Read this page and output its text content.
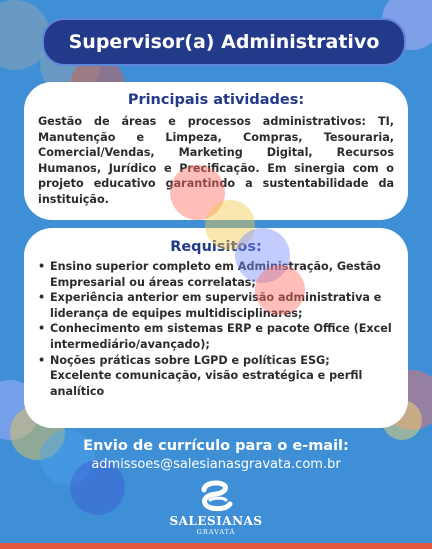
Supervisor(a) Administrativo
Principais atividades:
Gestão de áreas e processos administrativos: TI, Manutenção e Limpeza, Compras, Tesouraria, Comercial/Vendas, Marketing Digital, Recursos Humanos, Jurídico e Precificação. Em sinergia com o projeto educativo garantindo a sustentabilidade da instituição.
Requisitos:
• Ensino superior completo em Administração, Gestão Empresarial ou áreas correlatas;
• Experiência anterior em supervisão administrativa e liderança de equipes multidisciplinares;
• Conhecimento em sistemas ERP e pacote Office (Excel intermediário/avançado);
• Noções práticas sobre LGPD e políticas ESG;
Excelente comunicação, visão estratégica e perfil analítico
Envio de currículo para o e-mail:
admissoes@salesianasgravata.com.br
SALESIANAS
GRAVATÁ
